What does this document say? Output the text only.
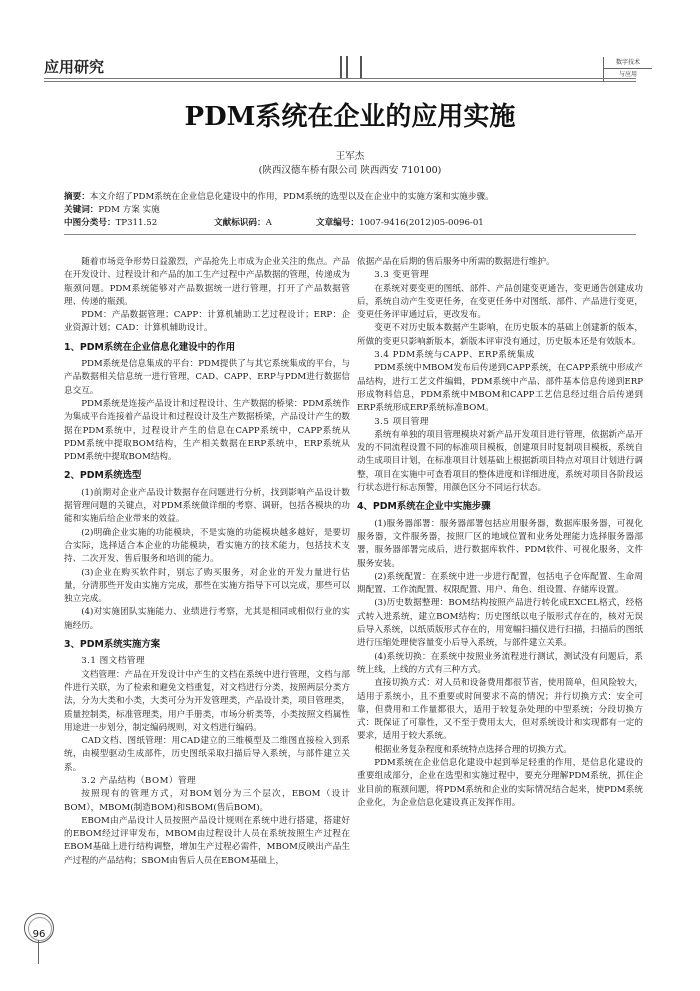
应用研究	数字技术
与应用
PDM系统在企业的应用实施
王军杰
(陕西汉德车桥有限公司 陕西西安 710100)
摘要：本文介绍了PDM系统在企业信息化建设中的作用，PDM系统的选型以及在企业中的实施方案和实施步骤。
关键词：PDM 方案 实施
中图分类号：TP311.52	文献标识码：A	文章编号：1007-9416(2012)05-0096-01

随着市场竞争形势日益激烈，产品抢先上市成为企业关注的焦点。产品在开发设计、过程设计和产品的加工生产过程中产品数据的管理，传递成为瓶颈问题。PDM系统能够对产品数据统一进行管理，打开了产品数据管理、传递的瓶颈。

PDM：产品数据管理；CAPP：计算机辅助工艺过程设计；ERP：企业资源计划；CAD：计算机辅助设计。

1、PDM系统在企业信息化建设中的作用

PDM系统是信息集成的平台：PDM提供了与其它系统集成的平台，与产品数据相关信息统一进行管理，CAD、CAPP、ERP与PDM进行数据信息交互。

PDM系统是连接产品设计和过程设计、生产数据的桥梁：PDM系统作为集成平台连接着产品设计和过程设计及生产数据桥梁，产品设计产生的数据在PDM系统中，过程设计产生的信息在CAPP系统中，CAPP系统从PDM系统中提取BOM结构，生产相关数据在ERP系统中，ERP系统从PDM系统中提取BOM结构。

2、PDM系统选型

(1)前期对企业产品设计数据存在问题进行分析，找到影响产品设计数据管理问题的关键点，对PDM系统做详细的考察、调研，包括各模块的功能和实施后给企业带来的效益。

(2)明确企业实施的功能模块，不是实施的功能模块越多越好，是要切合实际，选择适合本企业的功能模块，看实施方的技术能力，包括技术支持、二次开发、售后服务和培训的能力。

(3)企业在购买软件时，别忘了购买服务，对企业的开发力量进行估量，分清那些开发由实施方完成，那些在实施方指导下可以完成，那些可以独立完成。

(4)对实施团队实施能力、业绩进行考察，尤其是相同或相似行业的实施经历。

3、PDM系统实施方案

3.1 图文档管理

文档管理：产品在开发设计中产生的文档在系统中进行管理，文档与部件进行关联，为了检索和避免文档重复，对文档进行分类，按照两层分类方法，分为大类和小类，大类可分为开发管理类，产品设计类，项目管理类，质量控制类，标准管理类，用户手册类，市场分析类等，小类按照文档属性用途进一步划分，制定编码规则，对文档进行编码。

CAD文档、图纸管理：用CAD建立的三维模型及二维图直接检入到系统，由模型驱动生成部件，历史图纸采取扫描后导入系统，与部件建立关系。

3.2 产品结构（BOM）管理

按照现有的管理方式，对BOM划分为三个层次，EBOM（设计BOM），MBOM(制造BOM)和SBOM(售后BOM)。

EBOM由产品设计人员按照产品设计规则在系统中进行搭建，搭建好的EBOM经过评审发布，MBOM由过程设计人员在系统按照生产过程在EBOM基础上进行结构调整，增加生产过程必需件，MBOM反映出产品生产过程的产品结构；SBOM由售后人员在EBOM基础上，

依据产品在后期的售后服务中所需的数据进行维护。

3.3 变更管理

在系统对要变更的图纸、部件、产品创建变更通告，变更通告创建成功后，系统自动产生变更任务，在变更任务中对图纸、部件、产品进行变更，变更任务评审通过后，更改发布。

变更不对历史版本数据产生影响，在历史版本的基础上创建新的版本，所做的变更只影响新版本，新版本评审没有通过，历史版本还是有效版本。

3.4 PDM系统与CAPP、ERP系统集成

PDM系统中MBOM发布后传递到CAPP系统，在CAPP系统中形成产品结构，进行工艺文件编辑，PDM系统中产品、部件基本信息传递到ERP形成物料信息，PDM系统中MBOM和CAPP工艺信息经过组合后传递到ERP系统形成ERP系统标准BOM。

3.5 项目管理

系统有单独的项目管理模块对新产品开发项目进行管理，依据新产品开发的不同流程设置不同的标准项目模板，创建项目时复制项目模板，系统自动生成项目计划，在标准项目计划基础上根据新项目特点对项目计划进行调整，项目在实施中可查看项目的整体进度和详细进度，系统对项目各阶段运行状态进行标志预警，用颜色区分不同运行状态。

4、PDM系统在企业中实施步骤

(1)服务器部署：服务器部署包括应用服务器，数据库服务器，可视化服务器，文件服务器，按照厂区的地域位置和业务处理能力选择服务器部署，服务器部署完成后，进行数据库软件、PDM软件、可视化服务，文件服务安装。

(2)系统配置：在系统中进一步进行配置，包括电子仓库配置、生命周期配置、工作流配置、权限配置、用户、角色、组设置、存储库设置。

(3)历史数据整理：BOM结构按照产品进行转化成EXCEL格式，经格式转入进系统，建立BOM结构；历史图纸以电子版形式存在的，核对无误后导入系统，以纸质版形式存在的，用宽幅扫描仪进行扫描，扫描后的图纸进行压缩处理使容量变小后导入系统，与部件建立关系。

(4)系统切换：在系统中按照业务流程进行测试，测试没有问题后，系统上线，上线的方式有三种方式。

直接切换方式：对人员和设备费用都很节省，使用简单，但风险较大，适用于系统小，且不重要或时间要求不高的情况；并行切换方式：安全可靠，但费用和工作量都很大，适用于较复杂处理的中型系统；分段切换方式：既保证了可靠性，又不至于费用太大，但对系统设计和实现都有一定的要求，适用于较大系统。

根据业务复杂程度和系统特点选择合理的切换方式。

PDM系统在企业信息化建设中起到举足轻重的作用，是信息化建设的重要组成部分，企业在选型和实施过程中，要充分理解PDM系统，抓住企业目前的瓶颈问题，将PDM系统和企业的实际情况结合起来，使PDM系统企业化，为企业信息化建设真正发挥作用。

96
